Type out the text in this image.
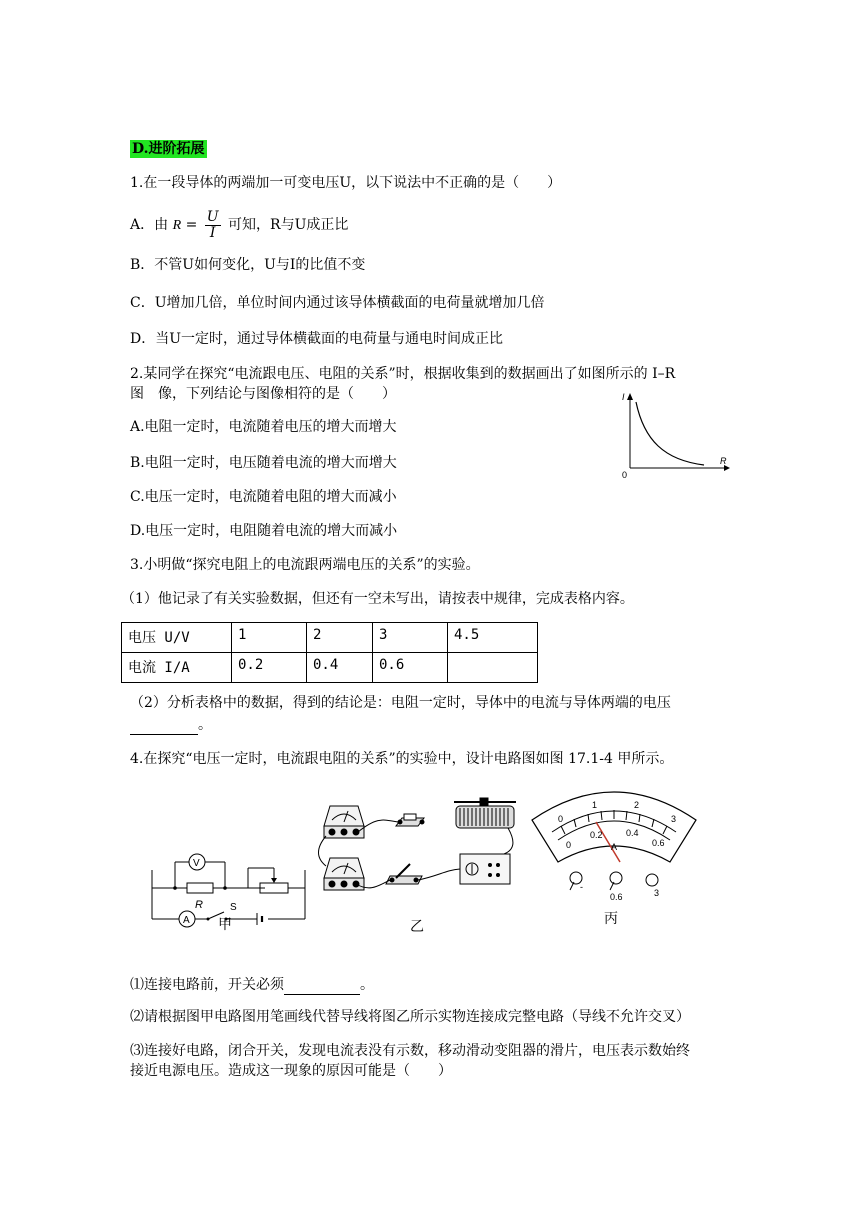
D.进阶拓展
1.在一段导体的两端加一可变电压U，以下说法中不正确的是（　　）
A．由 $R = \frac{U}{I}$ 可知，R与U成正比
B．不管U如何变化，U与I的比值不变
C．U增加几倍，单位时间内通过该导体横截面的电荷量就增加几倍
D．当U一定时，通过导体横截面的电荷量与通电时间成正比
2.某同学在探究“电流跟电压、电阻的关系”时，根据收集到的数据画出了如图所示的 I–R
图　像，下列结论与图像相符的是（　　）
A.电阻一定时，电流随着电压的增大而增大
B.电阻一定时，电压随着电流的增大而增大
C.电压一定时，电流随着电阻的增大而减小
D.电压一定时，电阻随着电流的增大而减小
I
R
0
3.小明做“探究电阻上的电流跟两端电压的关系”的实验。
（1）他记录了有关实验数据，但还有一空未写出，请按表中规律，完成表格内容。
电压 U/V	1	2	3	4.5
电流 I/A	0.2	0.4	0.6	
（2）分析表格中的数据，得到的结论是：电阻一定时，导体中的电流与导体两端的电压
。
4.在探究“电压一定时，电流跟电阻的关系”的实验中，设计电路图如图 17.1-4 甲所示。
V
R
A
S
0
1	2
3
0
0.2	0.4
0.6
A
-
0.6	3
甲	乙	丙
⑴连接电路前，开关必须	。
⑵请根据图甲电路图用笔画线代替导线将图乙所示实物连接成完整电路（导线不允许交叉）
⑶连接好电路，闭合开关，发现电流表没有示数，移动滑动变阻器的滑片，电压表示数始终
接近电源电压。造成这一现象的原因可能是（　　）
